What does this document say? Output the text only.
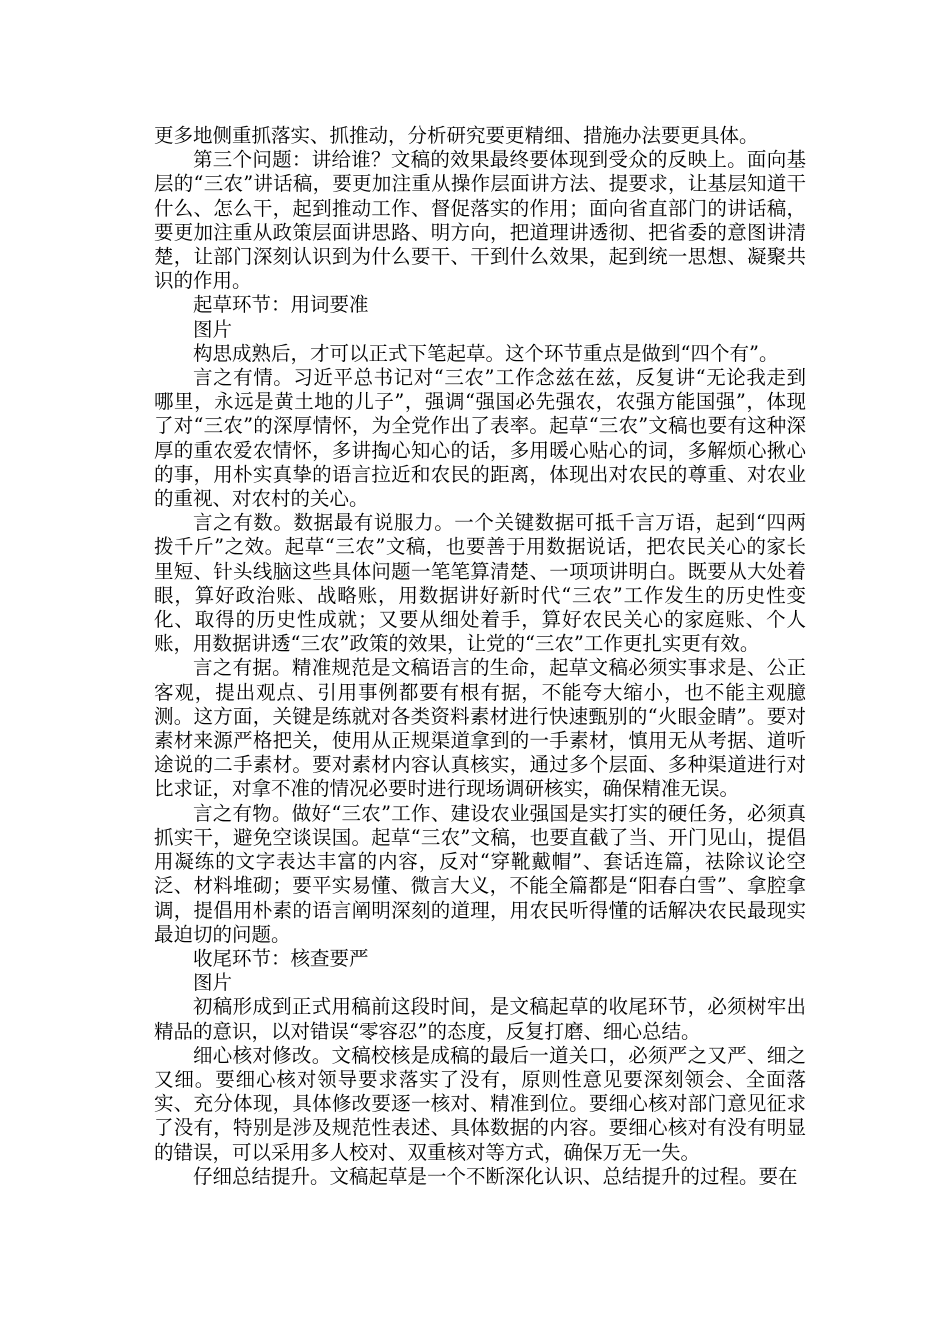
更多地侧重抓落实、抓推动，分析研究要更精细、措施办法要更具体。

第三个问题：讲给谁？文稿的效果最终要体现到受众的反映上。面向基层的“三农”讲话稿，要更加注重从操作层面讲方法、提要求，让基层知道干什么、怎么干，起到推动工作、督促落实的作用；面向省直部门的讲话稿，要更加注重从政策层面讲思路、明方向，把道理讲透彻、把省委的意图讲清楚，让部门深刻认识到为什么要干、干到什么效果，起到统一思想、凝聚共识的作用。

起草环节：用词要准

图片

构思成熟后，才可以正式下笔起草。这个环节重点是做到“四个有”。

言之有情。习近平总书记对“三农”工作念兹在兹，反复讲“无论我走到哪里，永远是黄土地的儿子”，强调“强国必先强农，农强方能国强”，体现了对“三农”的深厚情怀，为全党作出了表率。起草“三农”文稿也要有这种深厚的重农爱农情怀，多讲掏心知心的话，多用暖心贴心的词，多解烦心揪心的事，用朴实真挚的语言拉近和农民的距离，体现出对农民的尊重、对农业的重视、对农村的关心。

言之有数。数据最有说服力。一个关键数据可抵千言万语，起到“四两拨千斤”之效。起草“三农”文稿，也要善于用数据说话，把农民关心的家长里短、针头线脑这些具体问题一笔笔算清楚、一项项讲明白。既要从大处着眼，算好政治账、战略账，用数据讲好新时代“三农”工作发生的历史性变化、取得的历史性成就；又要从细处着手，算好农民关心的家庭账、个人账，用数据讲透“三农”政策的效果，让党的“三农”工作更扎实更有效。

言之有据。精准规范是文稿语言的生命，起草文稿必须实事求是、公正客观，提出观点、引用事例都要有根有据，不能夸大缩小，也不能主观臆测。这方面，关键是练就对各类资料素材进行快速甄别的“火眼金睛”。要对素材来源严格把关，使用从正规渠道拿到的一手素材，慎用无从考据、道听途说的二手素材。要对素材内容认真核实，通过多个层面、多种渠道进行对比求证，对拿不准的情况必要时进行现场调研核实，确保精准无误。

言之有物。做好“三农”工作、建设农业强国是实打实的硬任务，必须真抓实干，避免空谈误国。起草“三农”文稿，也要直截了当、开门见山，提倡用凝练的文字表达丰富的内容，反对“穿靴戴帽”、套话连篇，祛除议论空泛、材料堆砌；要平实易懂、微言大义，不能全篇都是“阳春白雪”、拿腔拿调，提倡用朴素的语言阐明深刻的道理，用农民听得懂的话解决农民最现实最迫切的问题。

收尾环节：核查要严

图片

初稿形成到正式用稿前这段时间，是文稿起草的收尾环节，必须树牢出精品的意识，以对错误“零容忍”的态度，反复打磨、细心总结。

细心核对修改。文稿校核是成稿的最后一道关口，必须严之又严、细之又细。要细心核对领导要求落实了没有，原则性意见要深刻领会、全面落实、充分体现，具体修改要逐一核对、精准到位。要细心核对部门意见征求了没有，特别是涉及规范性表述、具体数据的内容。要细心核对有没有明显的错误，可以采用多人校对、双重核对等方式，确保万无一失。

仔细总结提升。文稿起草是一个不断深化认识、总结提升的过程。要在
